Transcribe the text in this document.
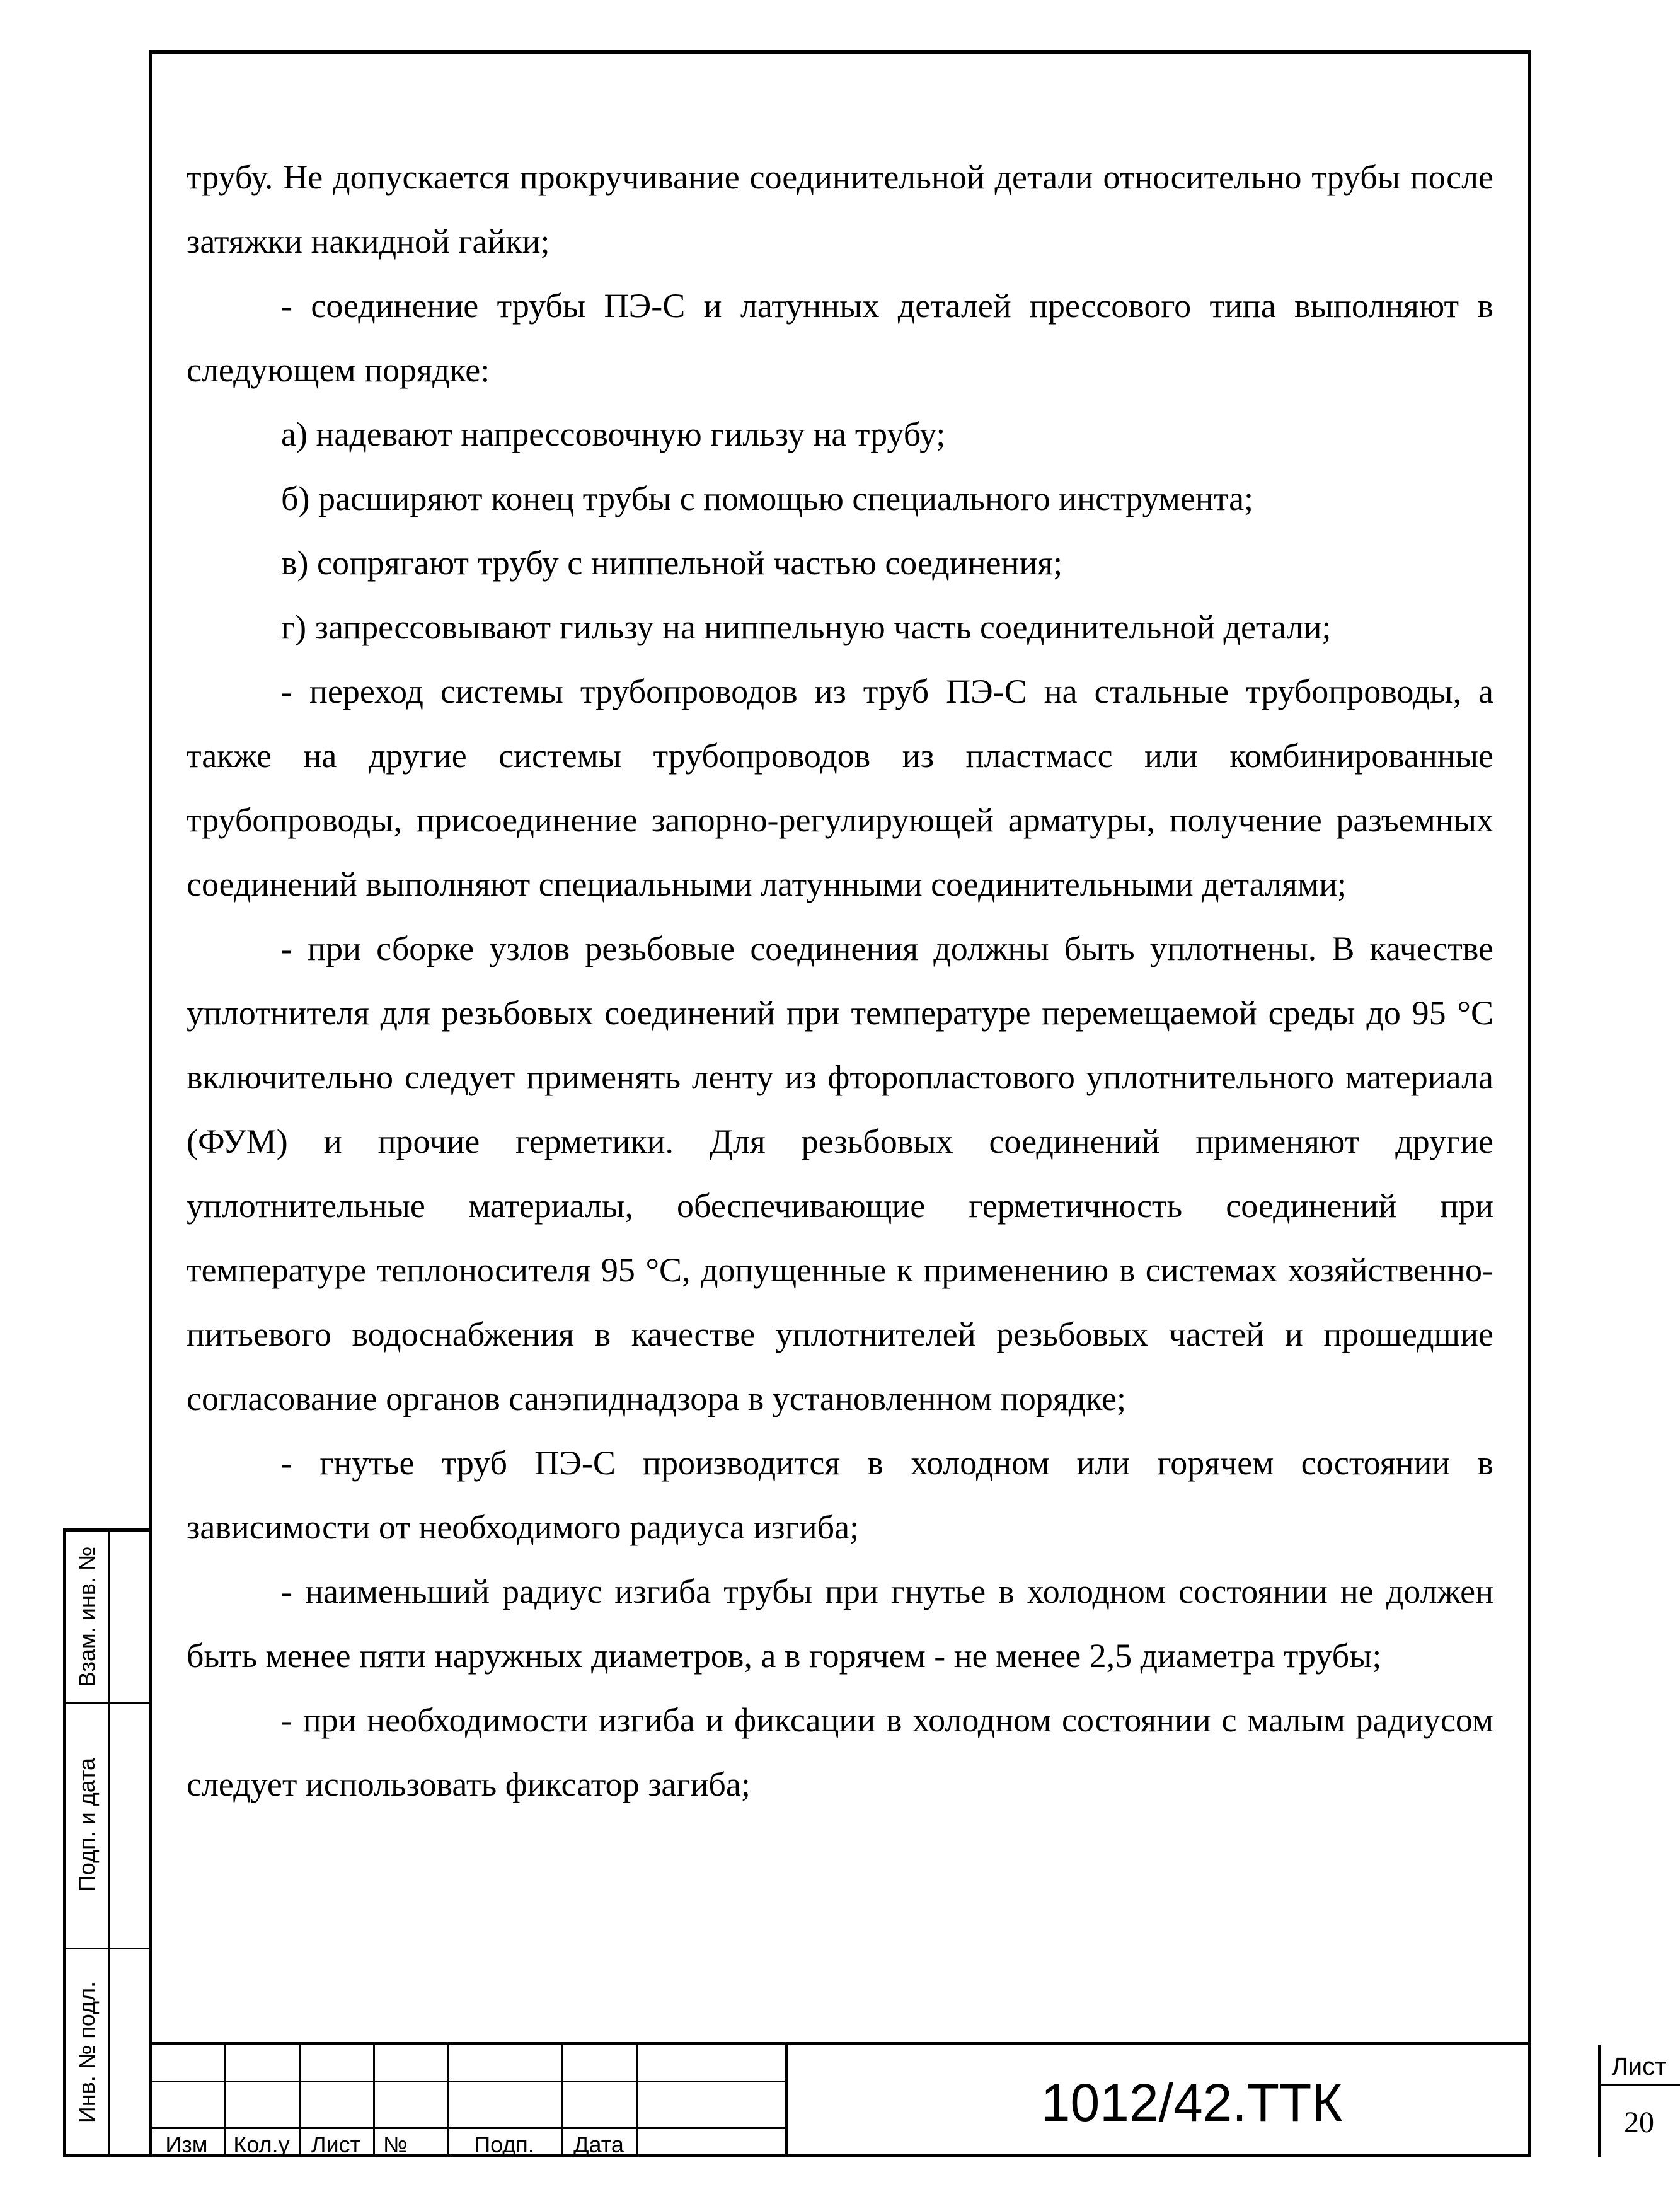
трубу. Не допускается прокручивание соединительной детали относительно трубы после затяжки накидной гайки;

- соединение трубы ПЭ-С и латунных деталей прессового типа выполняют в следующем порядке:

а) надевают напрессовочную гильзу на трубу;

б) расширяют конец трубы с помощью специального инструмента;

в) сопрягают трубу с ниппельной частью соединения;

г) запрессовывают гильзу на ниппельную часть соединительной детали;

- переход системы трубопроводов из труб ПЭ-С на стальные трубопроводы, а также на другие системы трубопроводов из пластмасс или комбинированные трубопроводы, присоединение запорно-регулирующей арматуры, получение разъемных соединений выполняют специальными латунными соединительными деталями;

- при сборке узлов резьбовые соединения должны быть уплотнены. В качестве уплотнителя для резьбовых соединений при температуре перемещаемой среды до 95 °С включительно следует применять ленту из фторопластового уплотнительного материала (ФУМ) и прочие герметики. Для резьбовых соединений применяют другие уплотнительные материалы, обеспечивающие герметичность соединений при температуре теплоносителя 95 °С, допущенные к применению в системах хозяйственно-питьевого водоснабжения в качестве уплотнителей резьбовых частей и прошедшие согласование органов санэпиднадзора в установленном порядке;

- гнутье труб ПЭ-С производится в холодном или горячем состоянии в зависимости от необходимого радиуса изгиба;

- наименьший радиус изгиба трубы при гнутье в холодном состоянии не должен быть менее пяти наружных диаметров, а в горячем - не менее 2,5 диаметра трубы;

- при необходимости изгиба и фиксации в холодном состоянии с малым радиусом следует использовать фиксатор загиба;

Взам. инв. №
Подп. и дата
Инв. № подл.
Изм	Кол.у Лист №	Подп.	Дата
1012/42.ТТК
Лист
20
